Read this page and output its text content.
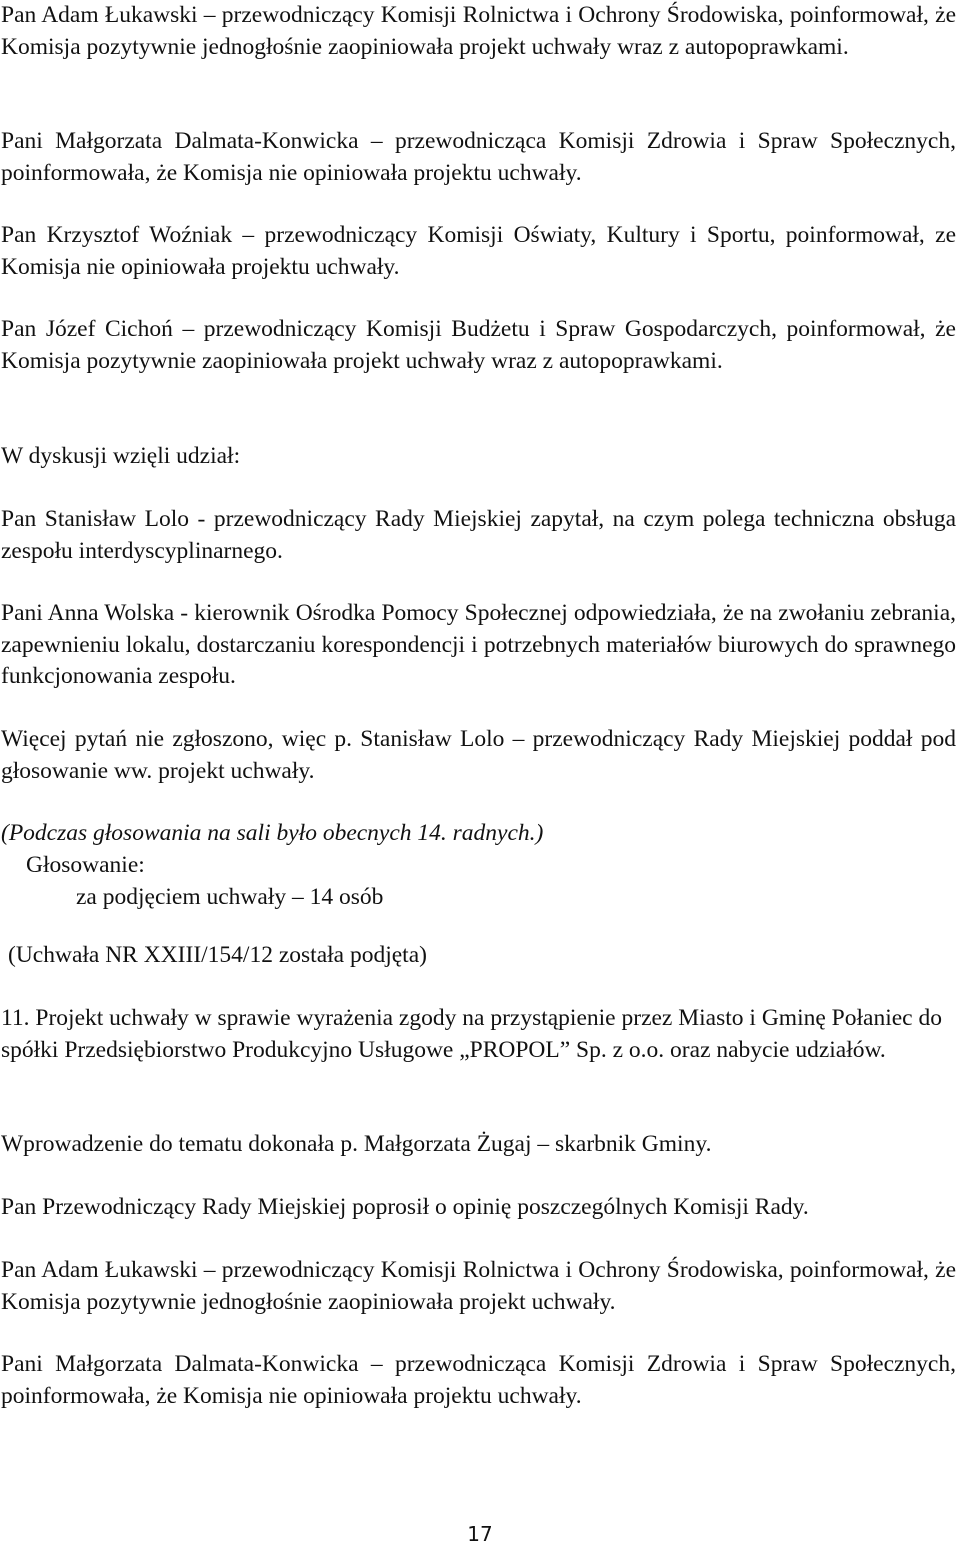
Pan Adam Łukawski – przewodniczący Komisji Rolnictwa i Ochrony Środowiska, poinformował, że Komisja pozytywnie jednogłośnie zaopiniowała projekt uchwały wraz z autopoprawkami.

Pani Małgorzata Dalmata-Konwicka – przewodnicząca Komisji Zdrowia i Spraw Społecznych, poinformowała, że Komisja nie opiniowała projektu uchwały.

Pan Krzysztof Woźniak – przewodniczący Komisji Oświaty, Kultury i Sportu, poinformował, ze Komisja nie opiniowała projektu uchwały.

Pan Józef Cichoń – przewodniczący Komisji Budżetu i Spraw Gospodarczych, poinformował, że Komisja pozytywnie zaopiniowała projekt uchwały wraz z autopoprawkami.

W dyskusji wzięli udział:

Pan Stanisław Lolo - przewodniczący Rady Miejskiej zapytał, na czym polega techniczna obsługa zespołu interdyscyplinarnego.

Pani Anna Wolska - kierownik Ośrodka Pomocy Społecznej odpowiedziała, że na zwołaniu zebrania, zapewnieniu lokalu, dostarczaniu korespondencji i potrzebnych materiałów biurowych do sprawnego funkcjonowania zespołu.

Więcej pytań nie zgłoszono, więc p. Stanisław Lolo – przewodniczący Rady Miejskiej poddał pod głosowanie ww. projekt uchwały.

(Podczas głosowania na sali było obecnych 14. radnych.)

Głosowanie:

za podjęciem uchwały – 14 osób

(Uchwała NR XXIII/154/12 została podjęta)

11. Projekt uchwały w sprawie wyrażenia zgody na przystąpienie przez Miasto i Gminę Połaniec do spółki Przedsiębiorstwo Produkcyjno Usługowe „PROPOL” Sp. z o.o. oraz nabycie udziałów.

Wprowadzenie do tematu dokonała p. Małgorzata Żugaj – skarbnik Gminy.

Pan Przewodniczący Rady Miejskiej poprosił o opinię poszczególnych Komisji Rady.

Pan Adam Łukawski – przewodniczący Komisji Rolnictwa i Ochrony Środowiska, poinformował, że Komisja pozytywnie jednogłośnie zaopiniowała projekt uchwały.

Pani Małgorzata Dalmata-Konwicka – przewodnicząca Komisji Zdrowia i Spraw Społecznych, poinformowała, że Komisja nie opiniowała projektu uchwały.

17
